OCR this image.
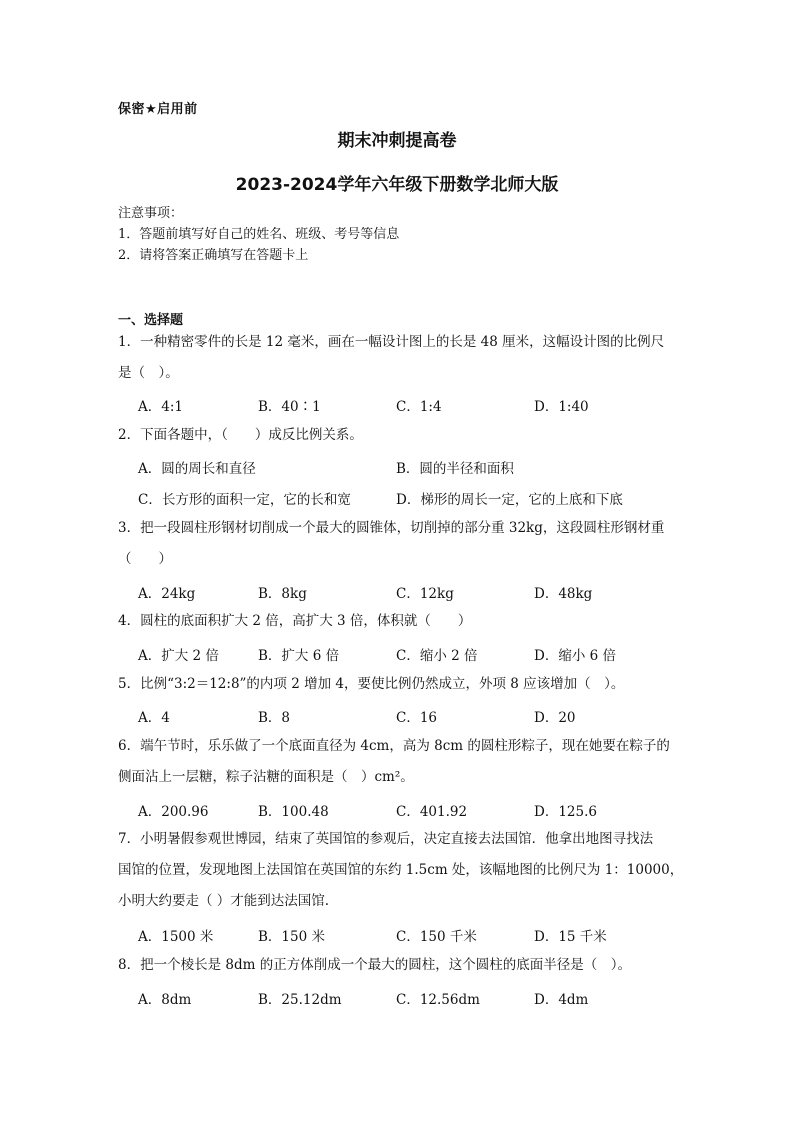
保密★启用前
期末冲刺提高卷
2023-2024学年六年级下册数学北师大版
注意事项：
1．答题前填写好自己的姓名、班级、考号等信息
2．请将答案正确填写在答题卡上
一、选择题
1．一种精密零件的长是 12 毫米，画在一幅设计图上的长是 48 厘米，这幅设计图的比例尺
是（　）。
A．4:1	B．40∶1	C．1:4	D．1:40
2．下面各题中，（　　）成反比例关系。
A．圆的周长和直径	B．圆的半径和面积
C．长方形的面积一定，它的长和宽	D．梯形的周长一定，它的上底和下底
3．把一段圆柱形钢材切削成一个最大的圆锥体，切削掉的部分重 32kg，这段圆柱形钢材重
（　　）
A．24kg	B．8kg	C．12kg	D．48kg
4．圆柱的底面积扩大 2 倍，高扩大 3 倍，体积就（　　）
A．扩大 2 倍	B．扩大 6 倍	C．缩小 2 倍	D．缩小 6 倍
5．比例“3:2＝12:8”的内项 2 增加 4，要使比例仍然成立，外项 8 应该增加（　）。
A．4	B．8	C．16	D．20
6．端午节时，乐乐做了一个底面直径为 4cm，高为 8cm 的圆柱形粽子，现在她要在粽子的
侧面沾上一层糖，粽子沾糖的面积是（　）cm²。
A．200.96	B．100.48	C．401.92	D．125.6
7．小明暑假参观世博园，结束了英国馆的参观后，决定直接去法国馆．他拿出地图寻找法
国馆的位置，发现地图上法国馆在英国馆的东约 1.5cm 处，该幅地图的比例尺为 1：10000，
小明大约要走（ ）才能到达法国馆.
A．1500 米	B．150 米	C．150 千米	D．15 千米
8．把一个棱长是 8dm 的正方体削成一个最大的圆柱，这个圆柱的底面半径是（　）。
A．8dm	B．25.12dm	C．12.56dm	D．4dm
